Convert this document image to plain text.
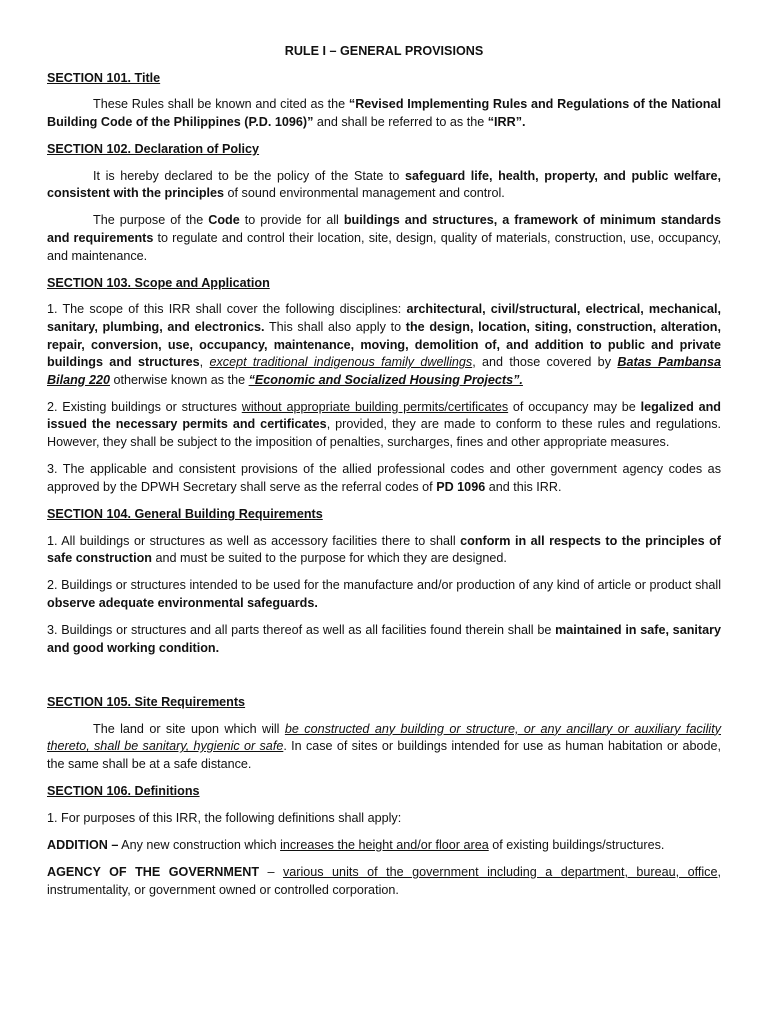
RULE I – GENERAL PROVISIONS
SECTION 101. Title

These Rules shall be known and cited as the “Revised Implementing Rules and Regulations of the National Building Code of the Philippines (P.D. 1096)” and shall be referred to as the “IRR”.

SECTION 102. Declaration of Policy

It is hereby declared to be the policy of the State to safeguard life, health, property, and public welfare, consistent with the principles of sound environmental management and control.

The purpose of the Code to provide for all buildings and structures, a framework of minimum standards and requirements to regulate and control their location, site, design, quality of materials, construction, use, occupancy, and maintenance.

SECTION 103. Scope and Application

1. The scope of this IRR shall cover the following disciplines: architectural, civil/structural, electrical, mechanical, sanitary, plumbing, and electronics. This shall also apply to the design, location, siting, construction, alteration, repair, conversion, use, occupancy, maintenance, moving, demolition of, and addition to public and private buildings and structures, except traditional indigenous family dwellings, and those covered by Batas Pambansa Bilang 220 otherwise known as the “Economic and Socialized Housing Projects”.

2. Existing buildings or structures without appropriate building permits/certificates of occupancy may be legalized and issued the necessary permits and certificates, provided, they are made to conform to these rules and regulations. However, they shall be subject to the imposition of penalties, surcharges, fines and other appropriate measures.

3. The applicable and consistent provisions of the allied professional codes and other government agency codes as approved by the DPWH Secretary shall serve as the referral codes of PD 1096 and this IRR.

SECTION 104. General Building Requirements

1. All buildings or structures as well as accessory facilities there to shall conform in all respects to the principles of safe construction and must be suited to the purpose for which they are designed.

2. Buildings or structures intended to be used for the manufacture and/or production of any kind of article or product shall observe adequate environmental safeguards.

3. Buildings or structures and all parts thereof as well as all facilities found therein shall be maintained in safe, sanitary and good working condition.

SECTION 105. Site Requirements

The land or site upon which will be constructed any building or structure, or any ancillary or auxiliary facility thereto, shall be sanitary, hygienic or safe. In case of sites or buildings intended for use as human habitation or abode, the same shall be at a safe distance.

SECTION 106. Definitions

1. For purposes of this IRR, the following definitions shall apply:

ADDITION – Any new construction which increases the height and/or floor area of existing buildings/structures.

AGENCY OF THE GOVERNMENT – various units of the government including a department, bureau, office, instrumentality, or government owned or controlled corporation.
